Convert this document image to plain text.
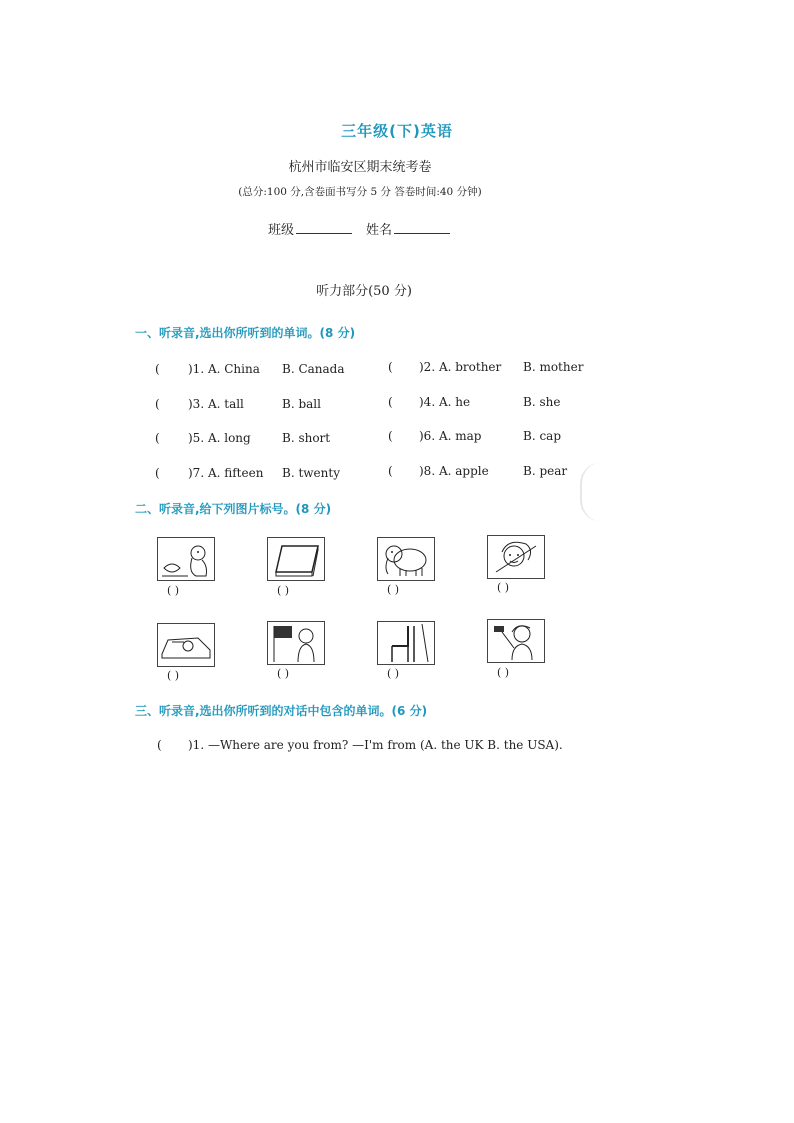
三年级(下)英语
杭州市临安区期末统考卷
(总分:100 分,含卷面书写分 5 分 答卷时间:40 分钟)
班级	姓名
听力部分(50 分)
一、听录音,选出你所听到的单词。(8 分)
( )1. A. China B. Canada	( )2. A. brother B. mother
( )3. A. tall	B. ball	( )4. A. he	B. she
( )5. A. long	B. short	( )6. A. map	B. cap
( )7. A. fifteen B. twenty	( )8. A. apple	B. pear
二、听录音,给下列图片标号。(8 分)
( )	( )	( )	( )
( )	( )	( )	( )
三、听录音,选出你所听到的对话中包含的单词。(6 分)
( )1. —Where are you from? —I'm from (A. the UK B. the USA).
